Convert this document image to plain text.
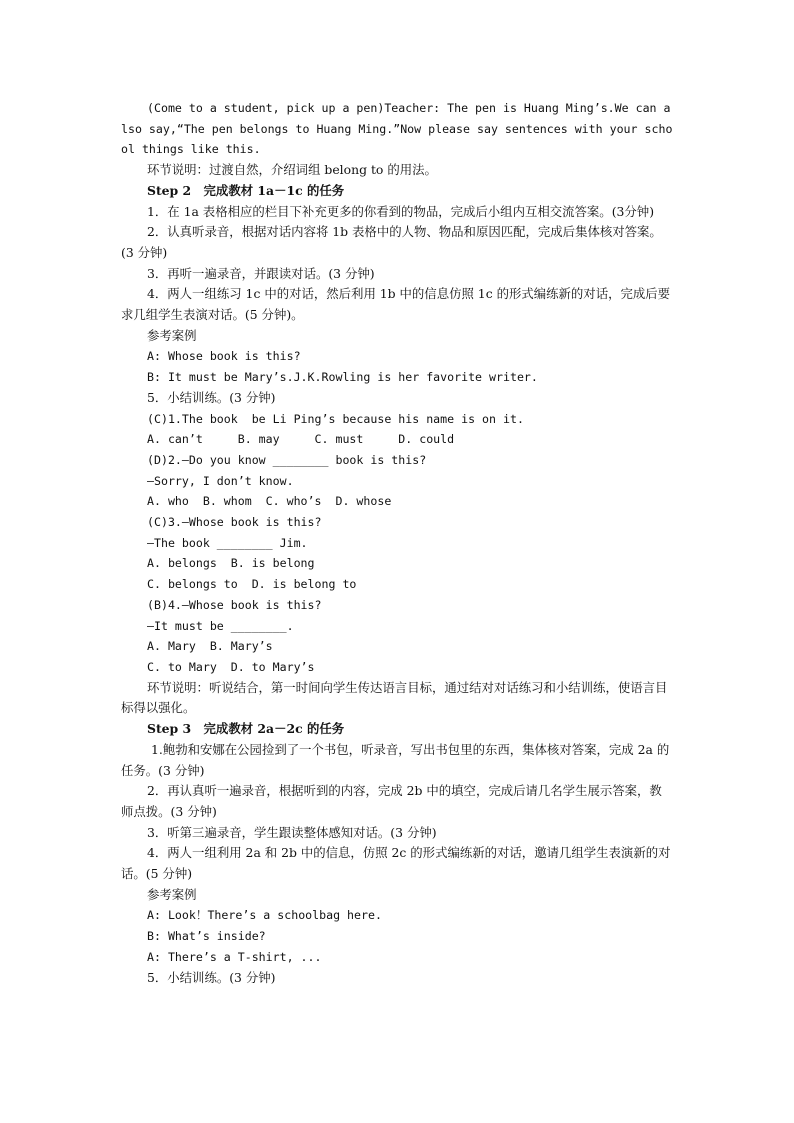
(Come to a student, pick up a pen)Teacher: The pen is Huang Ming’s.We can also say,“The pen belongs to Huang Ming.”Now please say sentences with your school things like this.
环节说明：过渡自然，介绍词组 belong to 的用法。
Step 2　完成教材 1a－1c 的任务
1．在 1a 表格相应的栏目下补充更多的你看到的物品，完成后小组内互相交流答案。(3分钟)
2．认真听录音，根据对话内容将 1b 表格中的人物、物品和原因匹配，完成后集体核对答案。(3 分钟)
3．再听一遍录音，并跟读对话。(3 分钟)
4．两人一组练习 1c 中的对话，然后利用 1b 中的信息仿照 1c 的形式编练新的对话，完成后要求几组学生表演对话。(5 分钟)。
参考案例
A: Whose book is this?
B: It must be Mary’s.J.K.Rowling is her favorite writer.
5．小结训练。(3 分钟)
(C)1.The book  be Li Ping’s because his name is on it.
A. can’t     B. may     C. must     D. could
(D)2.—Do you know ________ book is this?
—Sorry, I don’t know.
A. who  B. whom  C. who’s  D. whose
(C)3.—Whose book is this?
—The book ________ Jim.
A. belongs  B. is belong
C. belongs to  D. is belong to
(B)4.—Whose book is this?
—It must be ________.
A. Mary  B. Mary’s
C. to Mary  D. to Mary’s
环节说明：听说结合，第一时间向学生传达语言目标，通过结对对话练习和小结训练，使语言目标得以强化。
Step 3　完成教材 2a－2c 的任务
1.鲍勃和安娜在公园捡到了一个书包，听录音，写出书包里的东西，集体核对答案，完成 2a 的任务。(3 分钟)
2．再认真听一遍录音，根据听到的内容，完成 2b 中的填空，完成后请几名学生展示答案，教师点拨。(3 分钟)
3．听第三遍录音，学生跟读整体感知对话。(3 分钟)
4．两人一组利用 2a 和 2b 中的信息，仿照 2c 的形式编练新的对话，邀请几组学生表演新的对话。(5 分钟)
参考案例
A: Look！There’s a schoolbag here.
B: What’s inside?
A: There’s a T-shirt, ...
5．小结训练。(3 分钟)
